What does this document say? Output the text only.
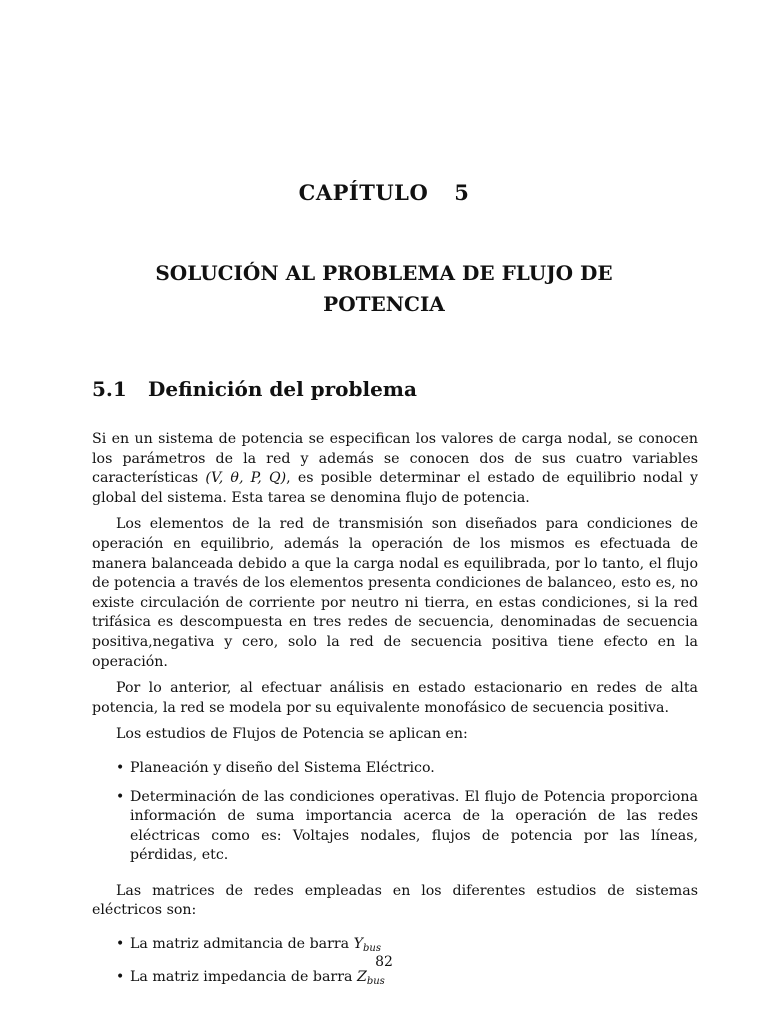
CAPÍTULO 5
SOLUCIÓN AL PROBLEMA DE FLUJO DE
POTENCIA
5.1 Definición del problema

Si en un sistema de potencia se especifican los valores de carga nodal, se conocen los parámetros de la red y además se conocen dos de sus cuatro variables características (V, θ, P, Q), es posible determinar el estado de equilibrio nodal y global del sistema. Esta tarea se denomina flujo de potencia.

Los elementos de la red de transmisión son diseñados para condiciones de operación en equilibrio, además la operación de los mismos es efectuada de manera balanceada debido a que la carga nodal es equilibrada, por lo tanto, el flujo de potencia a través de los elementos presenta condiciones de balanceo, esto es, no existe circulación de corriente por neutro ni tierra, en estas condiciones, si la red trifásica es descompuesta en tres redes de secuencia, denominadas de secuencia positiva,negativa y cero, solo la red de secuencia positiva tiene efecto en la operación.

Por lo anterior, al efectuar análisis en estado estacionario en redes de alta potencia, la red se modela por su equivalente monofásico de secuencia positiva.

Los estudios de Flujos de Potencia se aplican en:

• Planeación y diseño del Sistema Eléctrico.
• Determinación de las condiciones operativas. El flujo de Potencia proporciona información de suma importancia acerca de la operación de las redes eléctricas como es: Voltajes nodales, flujos de potencia por las líneas, pérdidas, etc.

Las matrices de redes empleadas en los diferentes estudios de sistemas eléctricos son:

• La matriz admitancia de barra $Y_{bus}$
• La matriz impedancia de barra $Z_{bus}$
82
